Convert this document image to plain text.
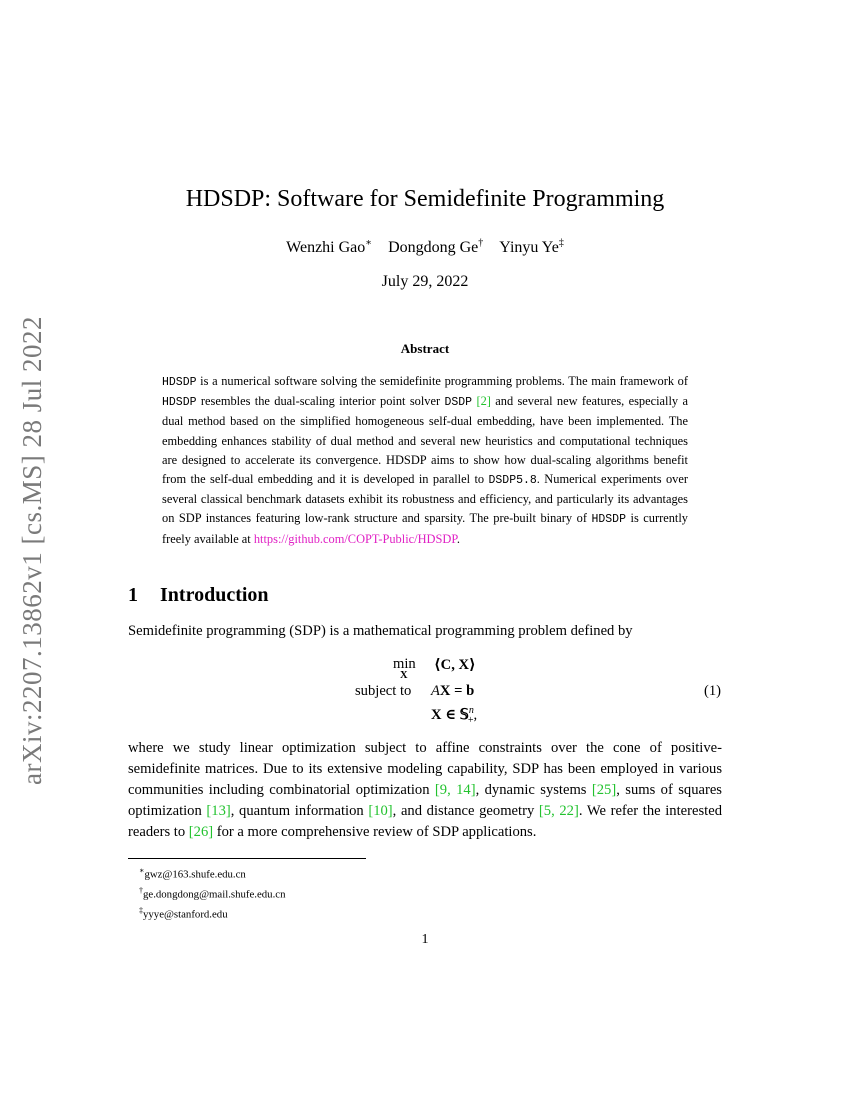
arXiv:2207.13862v1 [cs.MS] 28 Jul 2022
HDSDP: Software for Semidefinite Programming
Wenzhi Gao∗ Dongdong Ge† Yinyu Ye‡
July 29, 2022
Abstract
HDSDP is a numerical software solving the semidefinite programming problems. The main framework of HDSDP resembles the dual-scaling interior point solver DSDP [2] and several new features, especially a dual method based on the simplified homogeneous self-dual embedding, have been implemented. The embedding enhances stability of dual method and several new heuristics and computational techniques are designed to accelerate its convergence. HDSDP aims to show how dual-scaling algorithms benefit from the self-dual embedding and it is developed in parallel to DSDP5.8. Numerical experiments over several classical benchmark datasets exhibit its robustness and efficiency, and particularly its advantages on SDP instances featuring low-rank structure and sparsity. The pre-built binary of HDSDP is currently freely available at https://github.com/COPT-Public/HDSDP.
1 Introduction
Semidefinite programming (SDP) is a mathematical programming problem defined by
min
X
⟨C, X⟩
subject to AX = b
X ∈ 𝕊$^n_+$,
(1)
where we study linear optimization subject to affine constraints over the cone of positive-semidefinite matrices. Due to its extensive modeling capability, SDP has been employed in various communities including combinatorial optimization [9, 14], dynamic systems [25], sums of squares optimization [13], quantum information [10], and distance geometry [5, 22]. We refer the interested readers to [26] for a more comprehensive review of SDP applications.
∗gwz@163.shufe.edu.cn
†ge.dongdong@mail.shufe.edu.cn
‡yyye@stanford.edu
1
